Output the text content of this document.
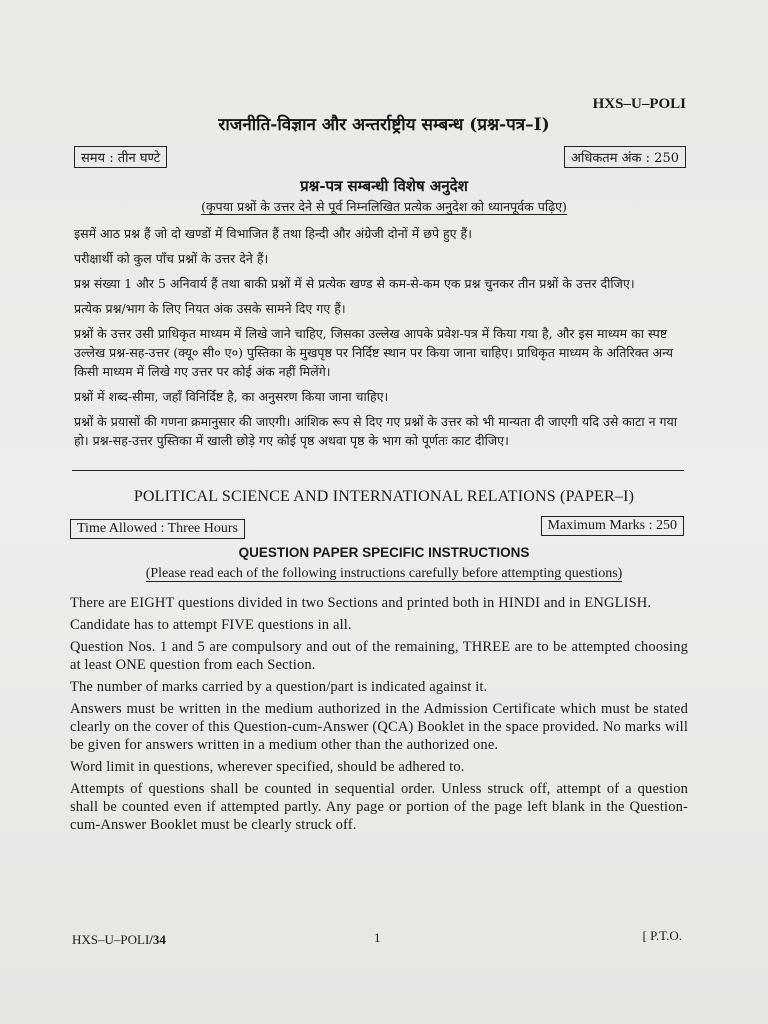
HXS–U–POLI
राजनीति-विज्ञान और अन्तर्राष्ट्रीय सम्बन्ध (प्रश्न-पत्र–I)
समय : तीन घण्टे	अधिकतम अंक : 250
प्रश्न-पत्र सम्बन्धी विशेष अनुदेश
(कृपया प्रश्नों के उत्तर देने से पूर्व निम्नलिखित प्रत्येक अनुदेश को ध्यानपूर्वक पढ़िए)

इसमें आठ प्रश्न हैं जो दो खण्डों में विभाजित हैं तथा हिन्दी और अंग्रेजी दोनों में छपे हुए हैं।

परीक्षार्थी को कुल पाँच प्रश्नों के उत्तर देने हैं।

प्रश्न संख्या 1 और 5 अनिवार्य हैं तथा बाकी प्रश्नों में से प्रत्येक खण्ड से कम-से-कम एक प्रश्न चुनकर तीन प्रश्नों के उत्तर दीजिए।

प्रत्येक प्रश्न/भाग के लिए नियत अंक उसके सामने दिए गए हैं।

प्रश्नों के उत्तर उसी प्राधिकृत माध्यम में लिखे जाने चाहिए, जिसका उल्लेख आपके प्रवेश-पत्र में किया गया है, और इस माध्यम का स्पष्ट उल्लेख प्रश्न-सह-उत्तर (क्यू० सी० ए०) पुस्तिका के मुखपृष्ठ पर निर्दिष्ट स्थान पर किया जाना चाहिए। प्राधिकृत माध्यम के अतिरिक्त अन्य किसी माध्यम में लिखे गए उत्तर पर कोई अंक नहीं मिलेंगे।

प्रश्नों में शब्द-सीमा, जहाँ विनिर्दिष्ट है, का अनुसरण किया जाना चाहिए।

प्रश्नों के प्रयासों की गणना क्रमानुसार की जाएगी। आंशिक रूप से दिए गए प्रश्नों के उत्तर को भी मान्यता दी जाएगी यदि उसे काटा न गया हो। प्रश्न-सह-उत्तर पुस्तिका में खाली छोड़े गए कोई पृष्ठ अथवा पृष्ठ के भाग को पूर्णतः काट दीजिए।

POLITICAL SCIENCE AND INTERNATIONAL RELATIONS (PAPER–I)
Time Allowed : Three Hours	Maximum Marks : 250
QUESTION PAPER SPECIFIC INSTRUCTIONS
(Please read each of the following instructions carefully before attempting questions)

There are EIGHT questions divided in two Sections and printed both in HINDI and in ENGLISH.

Candidate has to attempt FIVE questions in all.

Question Nos. 1 and 5 are compulsory and out of the remaining, THREE are to be attempted choosing at least ONE question from each Section.

The number of marks carried by a question/part is indicated against it.

Answers must be written in the medium authorized in the Admission Certificate which must be stated clearly on the cover of this Question-cum-Answer (QCA) Booklet in the space provided. No marks will be given for answers written in a medium other than the authorized one.

Word limit in questions, wherever specified, should be adhered to.

Attempts of questions shall be counted in sequential order. Unless struck off, attempt of a question shall be counted even if attempted partly. Any page or portion of the page left blank in the Question-cum-Answer Booklet must be clearly struck off.

HXS–U–POLI/34	1	[ P.T.O.
